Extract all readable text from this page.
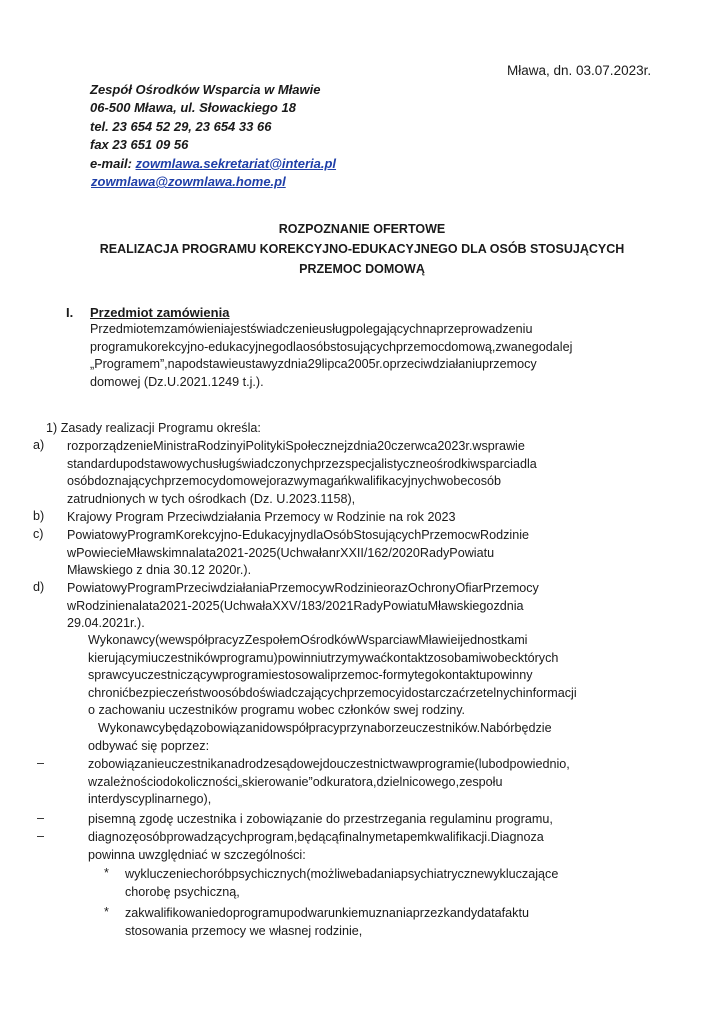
Mława, dn. 03.07.2023r.
Zespół Ośrodków Wsparcia w Mławie
06-500 Mława, ul. Słowackiego 18
tel. 23 654 52 29, 23 654 33 66
fax 23 651 09 56
e-mail: zowmlawa.sekretariat@interia.pl
zowmlawa@zowmlawa.home.pl
ROZPOZNANIE OFERTOWE
REALIZACJA PROGRAMU KOREKCYJNO-EDUKACYJNEGO DLA OSÓB STOSUJĄCYCH
PRZEMOC DOMOWĄ
I. Przedmiot zamówienia
Przedmiotemzamówieniajestświadczenieusługpolegającychnaprzeprowadzeniu
programukorekcyjno-edukacyjnegodlaosóbstosującychprzemocdomową,zwanegodalej
„Programem”,napodstawieustawyzdnia29lipca2005r.oprzeciwdziałaniuprzemocy
domowej (Dz.U.2021.1249 t.j.).
1) Zasady realizacji Programu określa:
a) rozporządzenieMinistraRodzinyiPolitykiSpołecznejzdnia20czerwca2023r.wsprawie
standardupodstawowychusługświadczonychprzezspecjalistyczneośrodkiwsparciadla
osóbdoznającychprzemocydomowejorazwymagańkwalifikacyjnychwobecosób
zatrudnionych w tych ośrodkach (Dz. U.2023.1158),
b) Krajowy Program Przeciwdziałania Przemocy w Rodzinie na rok 2023
c) PowiatowyProgramKorekcyjno-EdukacyjnydlaOsóbStosującychPrzemocwRodzinie
wPowiecieMławskimnalata2021-2025(UchwałanrXXII/162/2020RadyPowiatu
Mławskiego z dnia 30.12 2020r.).
d) PowiatowyProgramPrzeciwdziałaniaPrzemocywRodzinieorazOchronyOfiarPrzemocy
wRodzinienalata2021-2025(UchwałaXXV/183/2021RadyPowiatuMławskiegozdnia
29.04.2021r.).
Wykonawcy(wewspółpracyzZespołemOśrodkówWsparciawMławieijednostkami
kierującymiuczestnikówprogramu)powinniutrzymywaćkontaktzosobamiwobecktórych
sprawcyuczestniczącywprogramiestosowaliprzemoc-formytegokontaktupowinny
chronićbezpieczeństwoosóbdoświadczającychprzemocyidostarczaćrzetelnychinformacji
o zachowaniu uczestników programu wobec członków swej rodziny.
Wykonawcybędązobowiązanidowspółpracyprzynaborzeuczestników.Nabórbędzie
odbywać się poprzez:
–	zobowiązanieuczestnikanadrodzesądowejdouczestnictwawprogramie(lubodpowiednio,
wzależnościodokoliczności„skierowanie”odkuratora,dzielnicowego,zespołu
interdyscyplinarnego),
–	pisemną zgodę uczestnika i zobowiązanie do przestrzegania regulaminu programu,
–	diagnozęosóbprowadzącychprogram,będącąfinalnymetapemkwalifikacji.Diagnoza
powinna uwzględniać w szczególności:
* wykluczeniechoróbpsychicznych(możliwebadaniapsychiatrycznewykluczające
chorobę psychiczną,
* zakwalifikowaniedoprogramupodwarunkiemuznaniaprzezkandydatafaktu
stosowania przemocy we własnej rodzinie,
